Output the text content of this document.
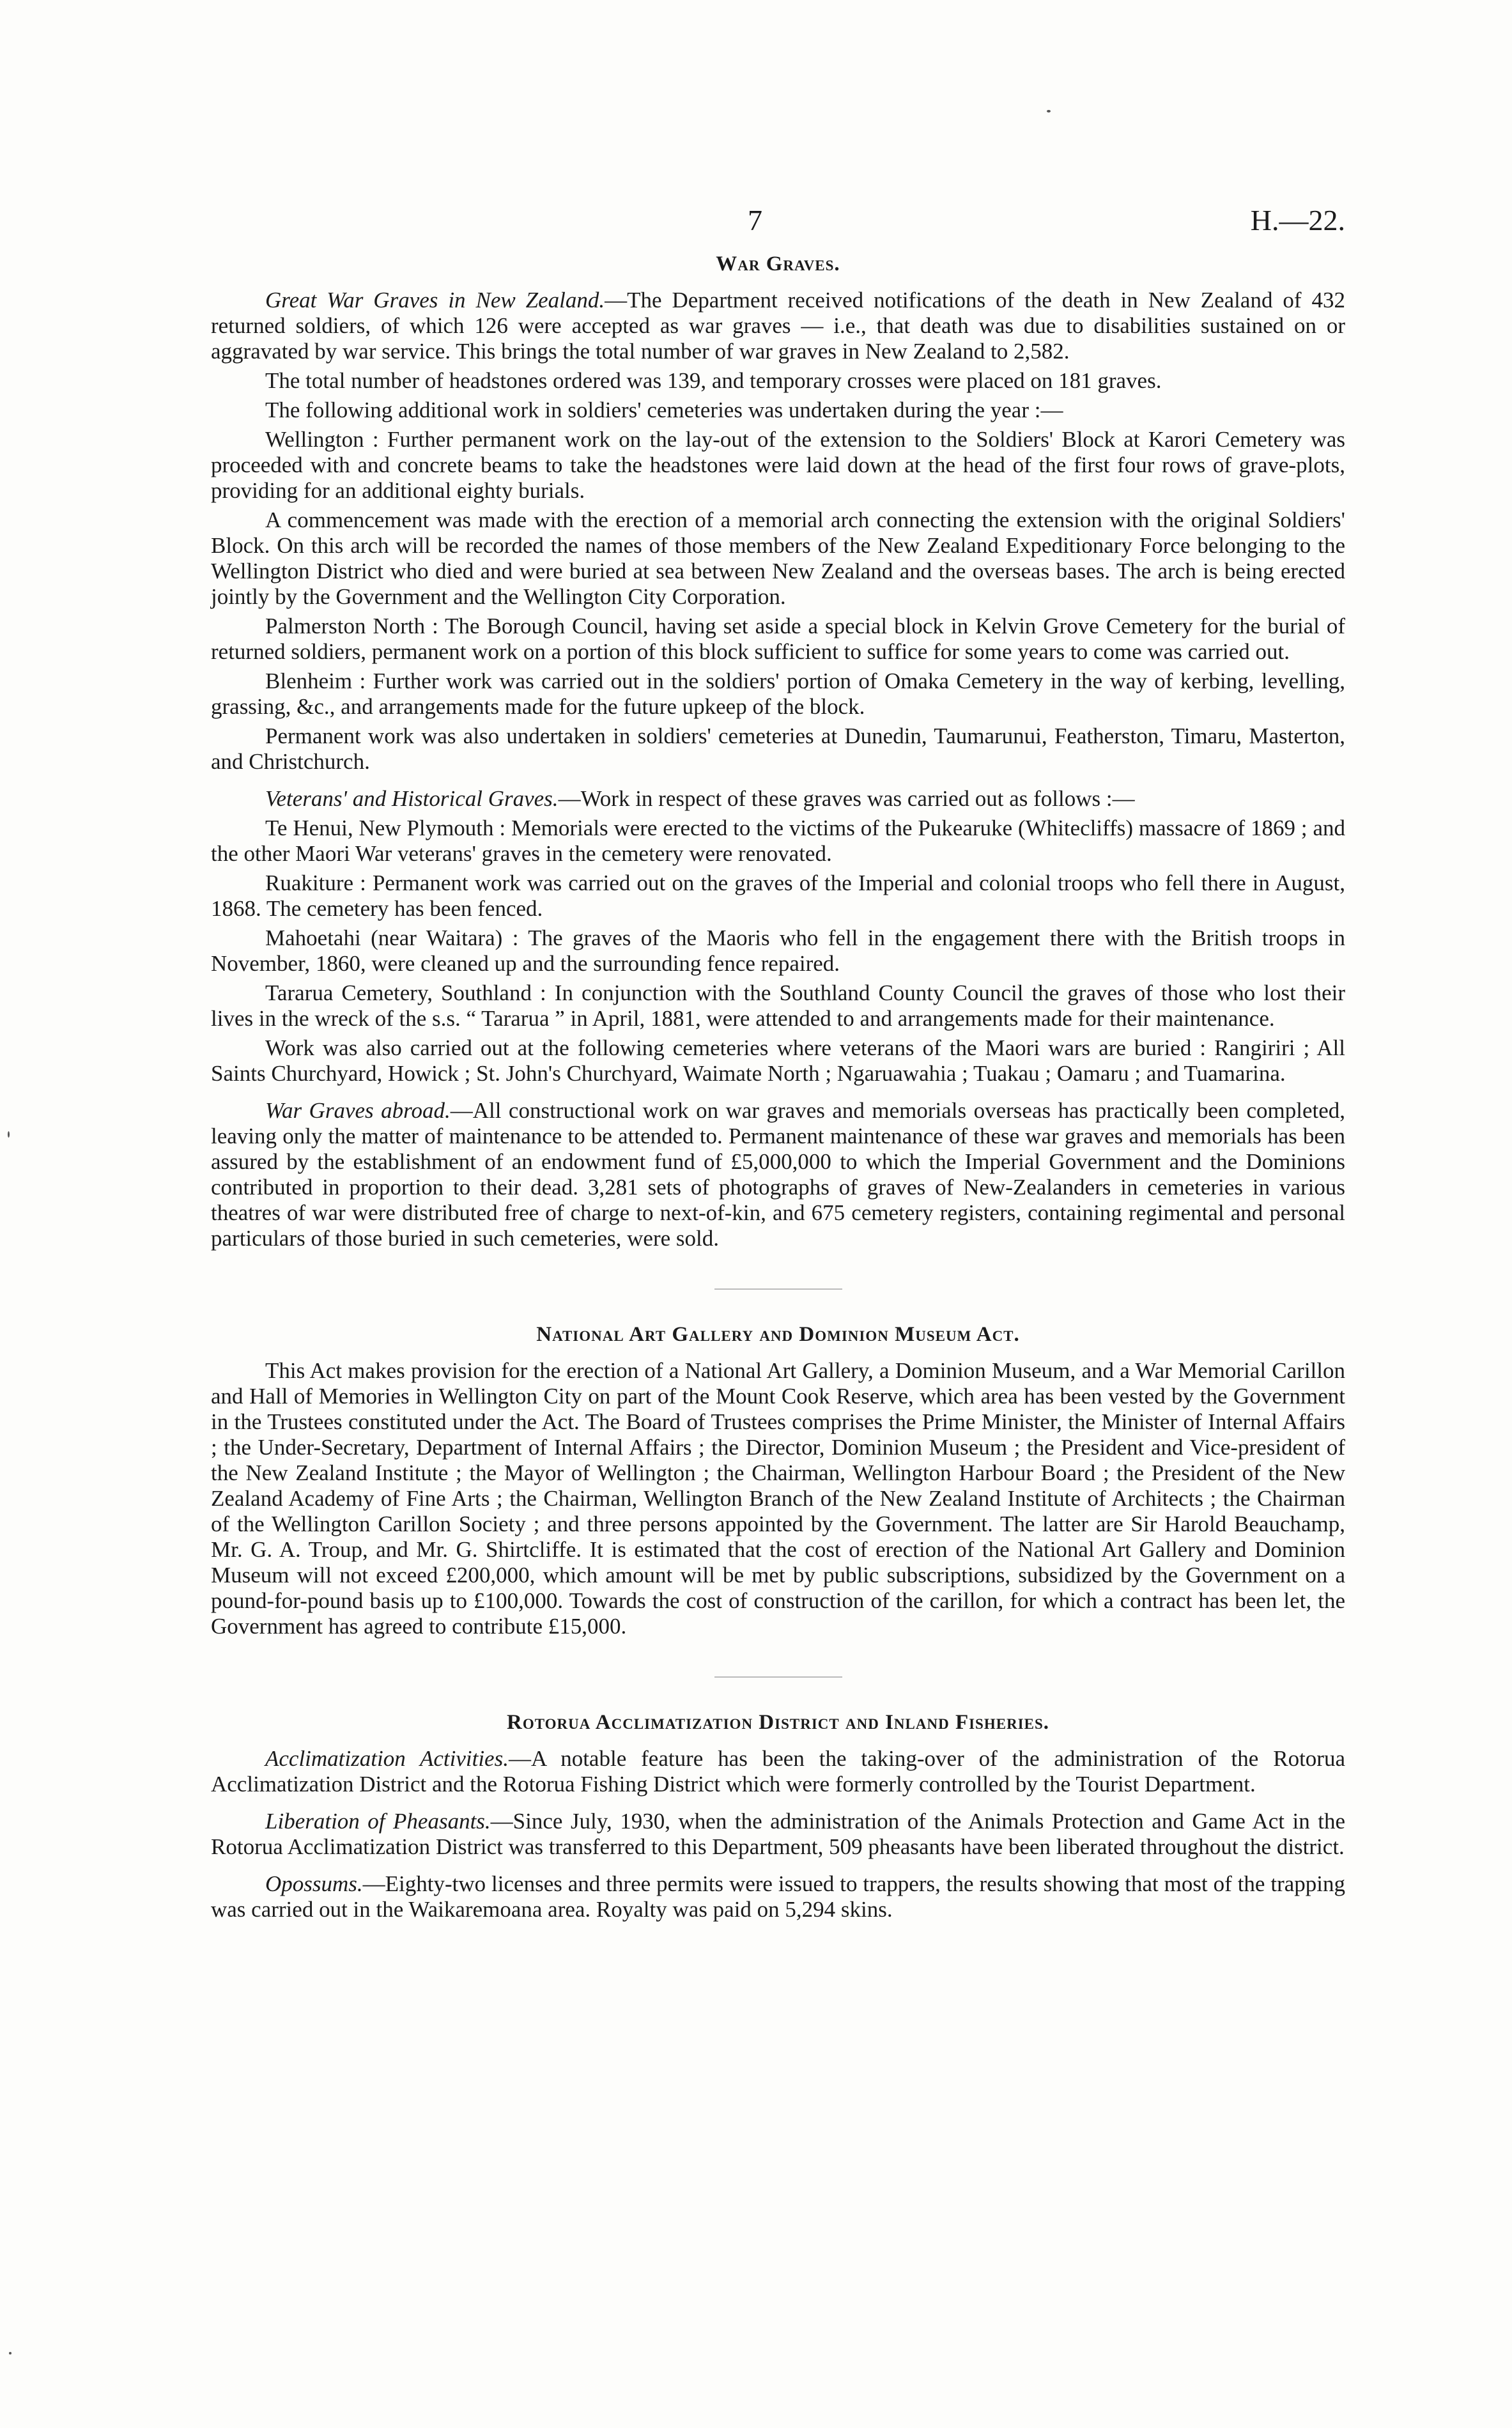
7	H.—22.
War Graves.

Great War Graves in New Zealand.—The Department received notifications of the death in New Zealand of 432 returned soldiers, of which 126 were accepted as war graves — i.e., that death was due to disabilities sustained on or aggravated by war service. This brings the total number of war graves in New Zealand to 2,582.

The total number of headstones ordered was 139, and temporary crosses were placed on 181 graves.

The following additional work in soldiers' cemeteries was undertaken during the year :—

Wellington : Further permanent work on the lay-out of the extension to the Soldiers' Block at Karori Cemetery was proceeded with and concrete beams to take the headstones were laid down at the head of the first four rows of grave-plots, providing for an additional eighty burials.

A commencement was made with the erection of a memorial arch connecting the extension with the original Soldiers' Block. On this arch will be recorded the names of those members of the New Zealand Expeditionary Force belonging to the Wellington District who died and were buried at sea between New Zealand and the overseas bases. The arch is being erected jointly by the Government and the Wellington City Corporation.

Palmerston North : The Borough Council, having set aside a special block in Kelvin Grove Cemetery for the burial of returned soldiers, permanent work on a portion of this block sufficient to suffice for some years to come was carried out.

Blenheim : Further work was carried out in the soldiers' portion of Omaka Cemetery in the way of kerbing, levelling, grassing, &c., and arrangements made for the future upkeep of the block.

Permanent work was also undertaken in soldiers' cemeteries at Dunedin, Taumarunui, Featherston, Timaru, Masterton, and Christchurch.

Veterans' and Historical Graves.—Work in respect of these graves was carried out as follows :—

Te Henui, New Plymouth : Memorials were erected to the victims of the Pukearuke (Whitecliffs) massacre of 1869 ; and the other Maori War veterans' graves in the cemetery were renovated.

Ruakiture : Permanent work was carried out on the graves of the Imperial and colonial troops who fell there in August, 1868. The cemetery has been fenced.

Mahoetahi (near Waitara) : The graves of the Maoris who fell in the engagement there with the British troops in November, 1860, were cleaned up and the surrounding fence repaired.

Tararua Cemetery, Southland : In conjunction with the Southland County Council the graves of those who lost their lives in the wreck of the s.s. “ Tararua ” in April, 1881, were attended to and arrangements made for their maintenance.

Work was also carried out at the following cemeteries where veterans of the Maori wars are buried : Rangiriri ; All Saints Churchyard, Howick ; St. John's Churchyard, Waimate North ; Ngaruawahia ; Tuakau ; Oamaru ; and Tuamarina.

War Graves abroad.—All constructional work on war graves and memorials overseas has practically been completed, leaving only the matter of maintenance to be attended to. Permanent maintenance of these war graves and memorials has been assured by the establishment of an endowment fund of £5,000,000 to which the Imperial Government and the Dominions contributed in proportion to their dead. 3,281 sets of photographs of graves of New-Zealanders in cemeteries in various theatres of war were distributed free of charge to next-of-kin, and 675 cemetery registers, containing regimental and personal particulars of those buried in such cemeteries, were sold.

National Art Gallery and Dominion Museum Act.

This Act makes provision for the erection of a National Art Gallery, a Dominion Museum, and a War Memorial Carillon and Hall of Memories in Wellington City on part of the Mount Cook Reserve, which area has been vested by the Government in the Trustees constituted under the Act. The Board of Trustees comprises the Prime Minister, the Minister of Internal Affairs ; the Under-Secretary, Department of Internal Affairs ; the Director, Dominion Museum ; the President and Vice-president of the New Zealand Institute ; the Mayor of Wellington ; the Chairman, Wellington Harbour Board ; the President of the New Zealand Academy of Fine Arts ; the Chairman, Wellington Branch of the New Zealand Institute of Architects ; the Chairman of the Wellington Carillon Society ; and three persons appointed by the Government. The latter are Sir Harold Beauchamp, Mr. G. A. Troup, and Mr. G. Shirtcliffe. It is estimated that the cost of erection of the National Art Gallery and Dominion Museum will not exceed £200,000, which amount will be met by public subscriptions, subsidized by the Government on a pound-for-pound basis up to £100,000. Towards the cost of construction of the carillon, for which a contract has been let, the Government has agreed to contribute £15,000.

Rotorua Acclimatization District and Inland Fisheries.

Acclimatization Activities.—A notable feature has been the taking-over of the administration of the Rotorua Acclimatization District and the Rotorua Fishing District which were formerly controlled by the Tourist Department.

Liberation of Pheasants.—Since July, 1930, when the administration of the Animals Protection and Game Act in the Rotorua Acclimatization District was transferred to this Department, 509 pheasants have been liberated throughout the district.

Opossums.—Eighty-two licenses and three permits were issued to trappers, the results showing that most of the trapping was carried out in the Waikaremoana area. Royalty was paid on 5,294 skins.
